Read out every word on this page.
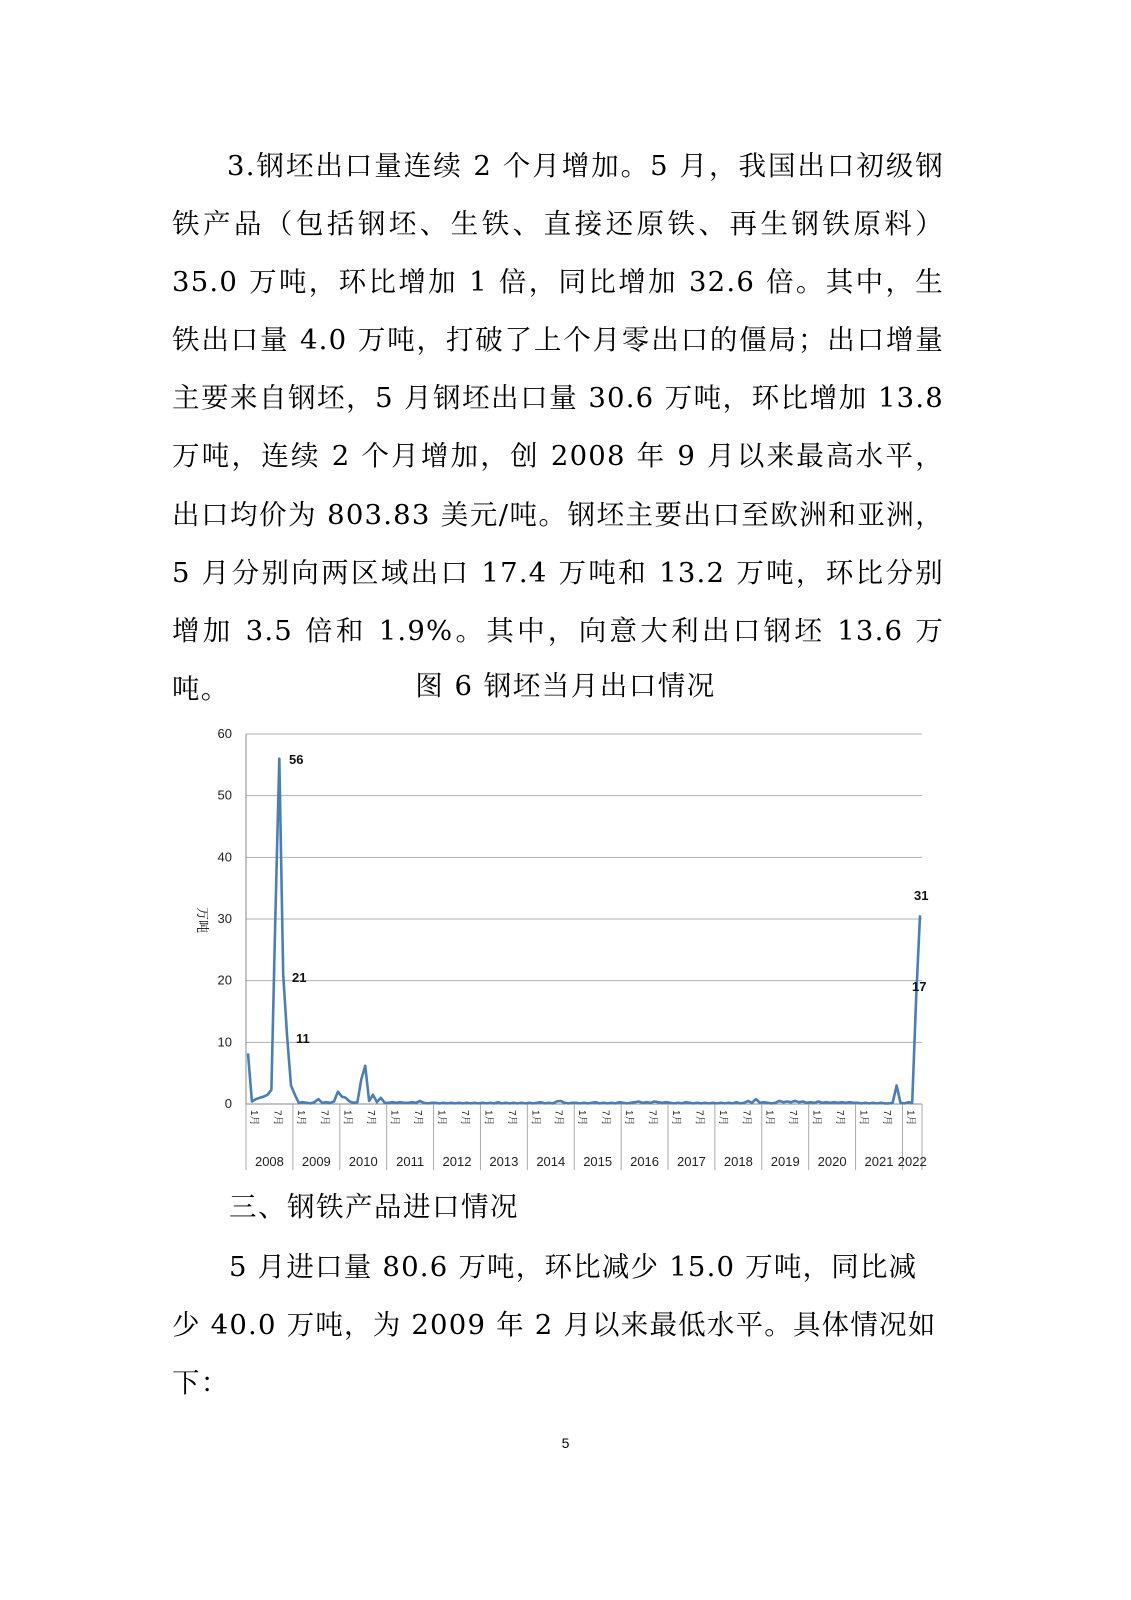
3.钢坯出口量连续 2 个月增加。5 月，我国出口初级钢铁产品（包括钢坯、生铁、直接还原铁、再生钢铁原料）35.0 万吨，环比增加 1 倍，同比增加 32.6 倍。其中，生铁出口量 4.0 万吨，打破了上个月零出口的僵局；出口增量主要来自钢坯，5 月钢坯出口量 30.6 万吨，环比增加 13.8 万吨，连续 2 个月增加，创 2008 年 9 月以来最高水平，出口均价为 803.83 美元/吨。钢坯主要出口至欧洲和亚洲，5 月分别向两区域出口 17.4 万吨和 13.2 万吨，环比分别增加 3.5 倍和 1.9%。其中，向意大利出口钢坯 13.6 万吨。	图 6 钢坯当月出口情况
0
10
20
30
40
50
60
2008
1月 7月
2009
1月 7月
2010
1月 7月
2011
1月 7月
2012
1月 7月
2013
1月 7月
2014
1月 7月
2015
1月 7月
2016
1月 7月
2017
1月 7月
2018
1月 7月
2019
1月 7月
2020
1月 7月
2021
1月 7月
2022
1月
56
21
11
31
17
万吨
三、钢铁产品进口情况

5 月进口量 80.6 万吨，环比减少 15.0 万吨，同比减少 40.0 万吨，为 2009 年 2 月以来最低水平。具体情况如下：

5
